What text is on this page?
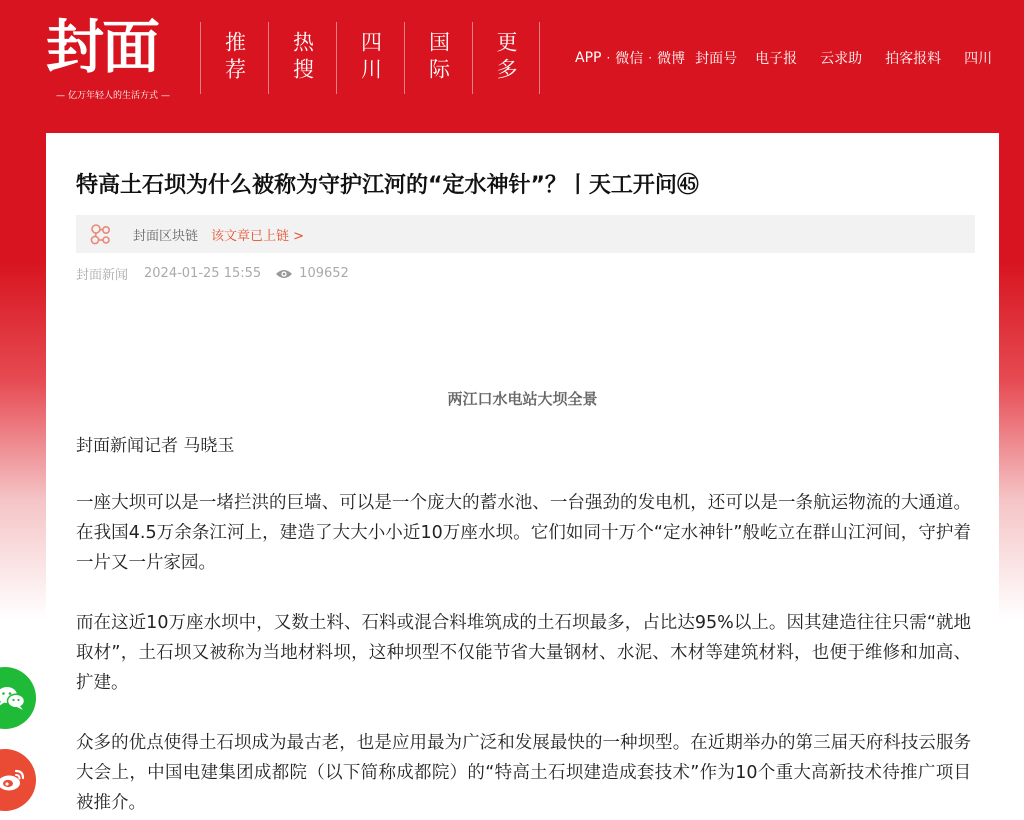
封面
— 亿万年轻人的生活方式 —
推荐	热搜	四川	国际	更多	APP · 微信 · 微博 封面号 电子报 云求助 拍客报料 四川
特高土石坝为什么被称为守护江河的“定水神针”？丨天工开问㊺
封面区块链 该文章已上链 >
封面新闻 2024-01-25 15:55	109652
两江口水电站大坝全景
封面新闻记者 马晓玉

一座大坝可以是一堵拦洪的巨墙、可以是一个庞大的蓄水池、一台强劲的发电机，还可以是一条航运物流的大通道。在我国4.5万余条江河上，建造了大大小小近10万座水坝。它们如同十万个“定水神针”般屹立在群山江河间，守护着一片又一片家园。

而在这近10万座水坝中，又数土料、石料或混合料堆筑成的土石坝最多，占比达95%以上。因其建造往往只需“就地取材”，土石坝又被称为当地材料坝，这种坝型不仅能节省大量钢材、水泥、木材等建筑材料，也便于维修和加高、扩建。

众多的优点使得土石坝成为最古老，也是应用最为广泛和发展最快的一种坝型。在近期举办的第三届天府科技云服务大会上，中国电建集团成都院（以下简称成都院）的“特高土石坝建造成套技术”作为10个重大高新技术待推广项目被推介。
